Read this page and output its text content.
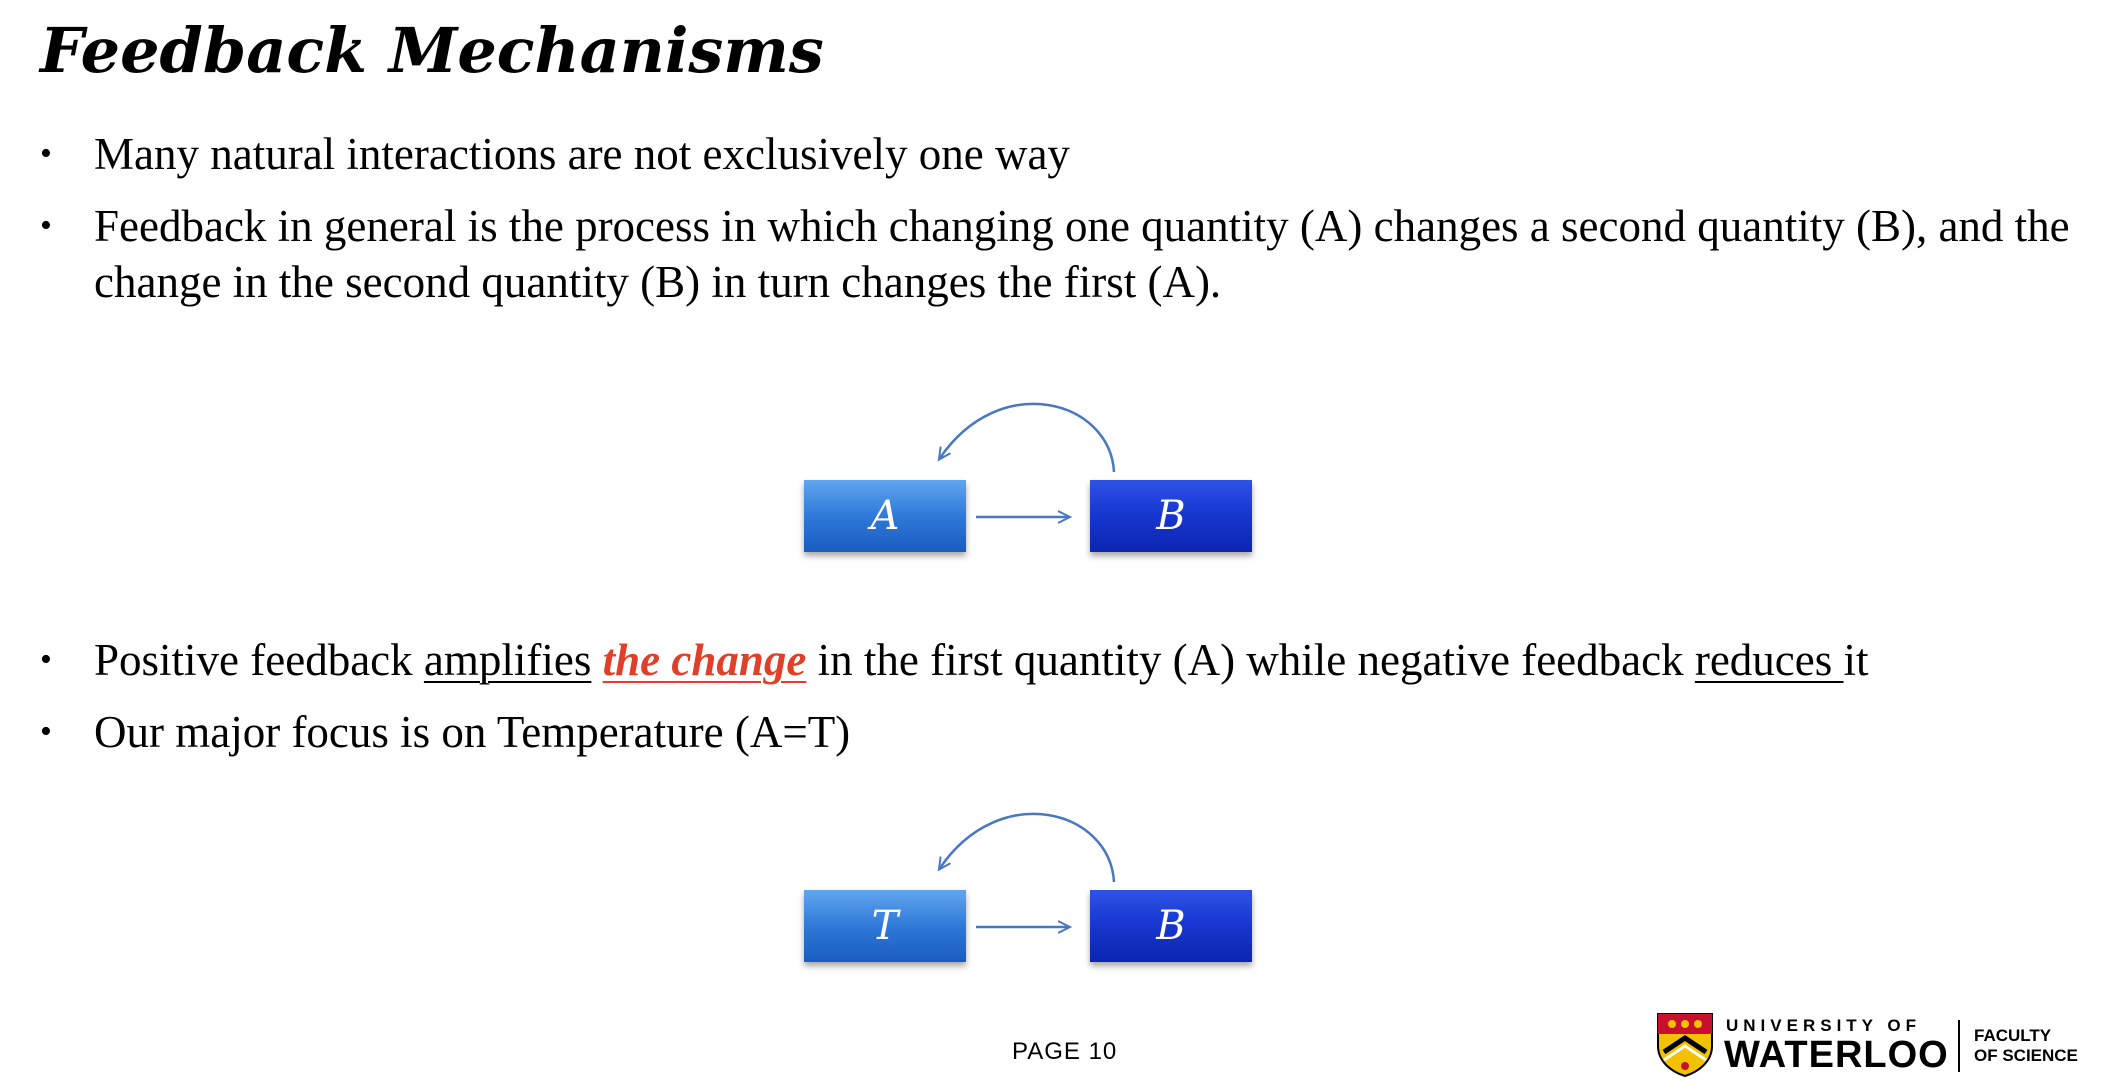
Feedback Mechanisms
• Many natural interactions are not exclusively one way
• Feedback in general is the process in which changing one quantity (A) changes a second quantity (B), and the change in the second quantity (B) in turn changes the first (A).
A	B
• Positive feedback amplifies the change in the first quantity (A) while negative feedback reduces it
• Our major focus is on Temperature (A=T)
T	B
PAGE 10
UNIVERSITY OF
WATERLOO FACULTY
OF SCIENCE
